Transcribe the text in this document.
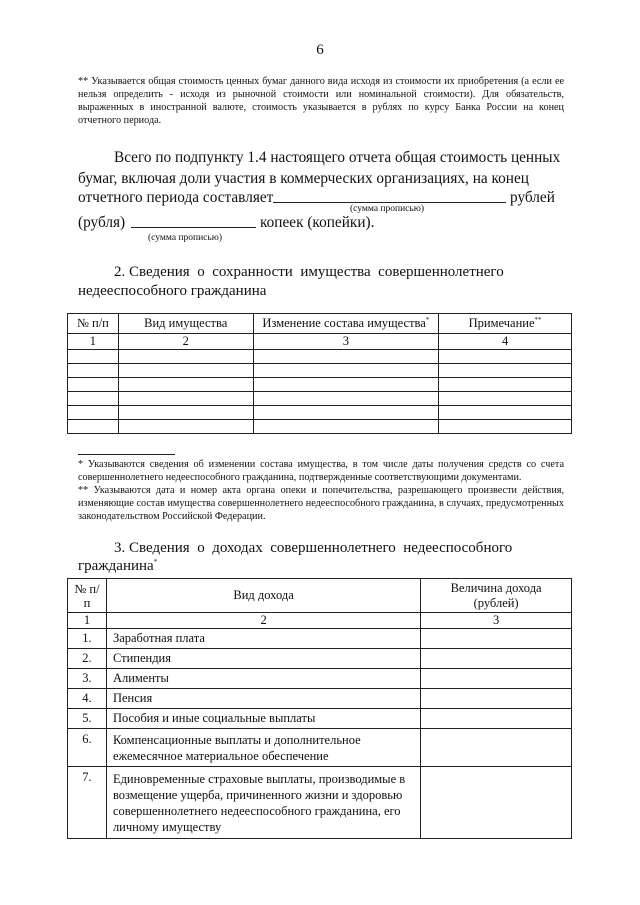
6
** Указывается общая стоимость ценных бумаг данного вида исходя из стоимости их приобретения (а если ее нельзя определить - исходя из рыночной стоимости или номинальной стоимости). Для обязательств, выраженных в иностранной валюте, стоимость указывается в рублях по курсу Банка России на конец отчетного периода.
Всего по подпункту 1.4 настоящего отчета общая стоимость ценных
бумаг, включая доли участия в коммерческих организациях, на конец
отчетного периода составляет	рублей
(сумма прописью)
(рубля)	копеек (копейки).
(сумма прописью)
2. Сведения  о  сохранности  имущества  совершеннолетнего
недееспособного гражданина
№ п/п	Вид имущества	Изменение состава имущества*	Примечание**
1	2	3	4

* Указываются сведения об изменении состава имущества, в том числе даты получения средств со счета совершеннолетнего недееспособного гражданина, подтвержденные соответствующими документами.
** Указываются дата и номер акта органа опеки и попечительства, разрешающего произвести действия, изменяющие состав имущества совершеннолетнего недееспособного гражданина, в случаях, предусмотренных законодательством Российской Федерации.
3. Сведения  о  доходах  совершеннолетнего  недееспособного
гражданина*
№ п/п	Вид дохода	Величина дохода (рублей)
1	2	3
1.	Заработная плата	
2.	Стипендия	
3.	Алименты	
4.	Пенсия	
5.	Пособия и иные социальные выплаты	
6.	Компенсационные выплаты и дополнительное ежемесячное материальное обеспечение	
7.	Единовременные страховые выплаты, производимые в возмещение ущерба, причиненного жизни и здоровью совершеннолетнего недееспособного гражданина, его личному имуществу	
